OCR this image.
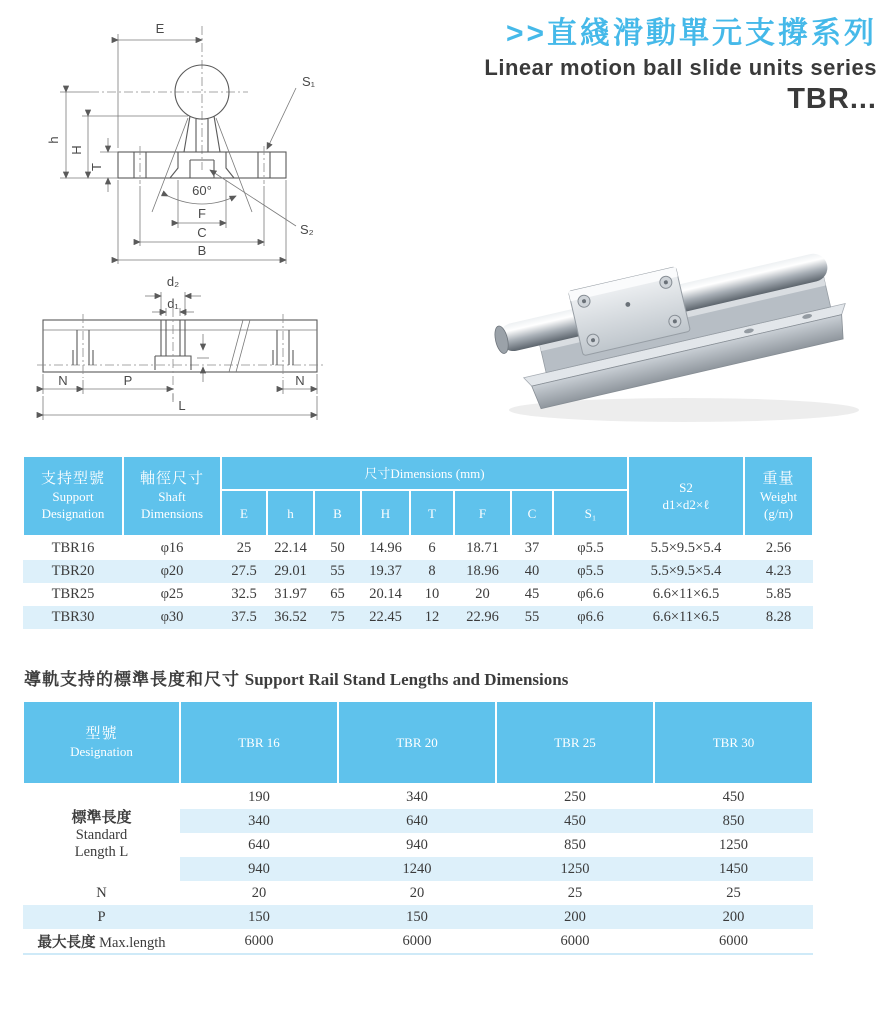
>>直綫滑動單元支撐系列
Linear motion ball slide units series
TBR...
60°
E
h
H
T
F
C
B
S₁
S₂
N	P	N
L
d₂
d₁
支持型號
Support
Designation

軸徑尺寸
Shaft
Dimensions
	尺寸Dimensions (mm)	
S2
d1×d2×ℓ

重量
Weight
(g/m)

		E	h	B	H	T	F	C	S₁		
TBR16	φ16	25	22.14	50	14.96	6	18.71	37	φ5.5	5.5×9.5×5.4	2.56
TBR20	φ20	27.5	29.01	55	19.37	8	18.96	40	φ5.5	5.5×9.5×5.4	4.23
TBR25	φ25	32.5	31.97	65	20.14	10	20	45	φ6.6	6.6×11×6.5	5.85
TBR30	φ30	37.5	36.52	75	22.45	12	22.96	55	φ6.6	6.6×11×6.5	8.28
導軌支持的標準長度和尺寸 Support Rail Stand Lengths and Dimensions
型號
Designation	TBR 16	TBR 20	TBR 25	TBR 30

標準長度
Standard
Length L	190	340	250	450
	340	640	450	850
	640	940	850	1250
	940	1240	1250	1450
N	20	20	25	25
P	150	150	200	200
最大長度 Max.length	6000	6000	6000	6000
